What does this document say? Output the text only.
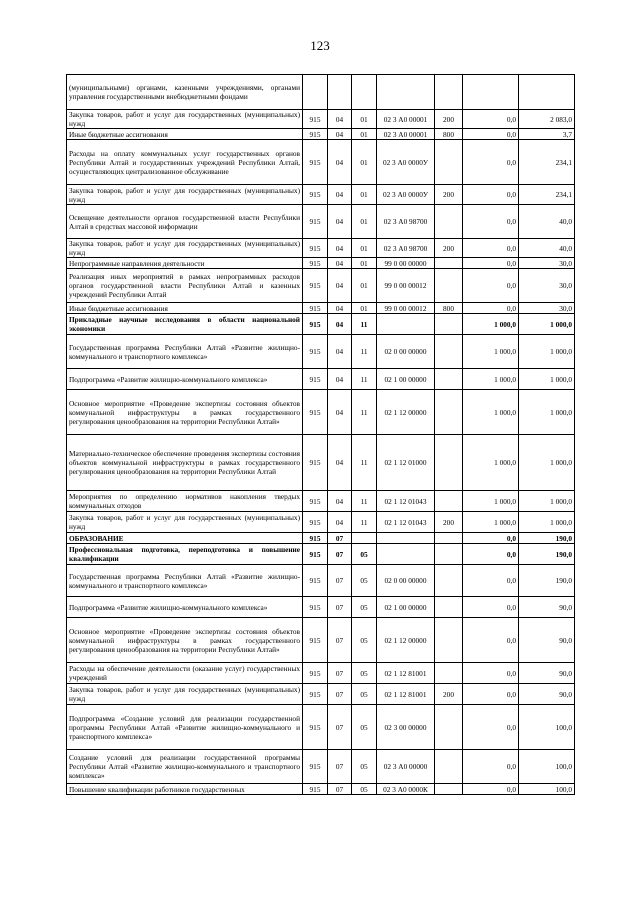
123
(муниципальными) органами, казенными учреждениями, органами управления государственными внебюджетными фондами							
Закупка товаров, работ и услуг для государственных (муниципальных) нужд	915	04	01	02 3 А0 00001	200	0,0	2 083,0
Иные бюджетные ассигнования	915	04	01	02 3 А0 00001	800	0,0	3,7
Расходы на оплату коммунальных услуг государственных органов Республики Алтай и государственных учреждений Республики Алтай, осуществляющих централизованное обслуживание	915	04	01	02 3 А0 0000У		0,0	234,1
Закупка товаров, работ и услуг для государственных (муниципальных) нужд	915	04	01	02 3 А0 0000У	200	0,0	234,1
Освещение деятельности органов государственной власти Республики Алтай в средствах массовой информации	915	04	01	02 3 А0 98700		0,0	40,0
Закупка товаров, работ и услуг для государственных (муниципальных) нужд	915	04	01	02 3 А0 98700	200	0,0	40,0
Непрограммные направления деятельности	915	04	01	99 0 00 00000		0,0	30,0
Реализация иных мероприятий в рамках непрограммных расходов органов государственной власти Республики Алтай и казенных учреждений Республики Алтай	915	04	01	99 0 00 00012		0,0	30,0
Иные бюджетные ассигнования	915	04	01	99 0 00 00012	800	0,0	30,0
Прикладные научные исследования в области национальной экономики	915	04	11			1 000,0	1 000,0
Государственная программа Республики Алтай «Развитие жилищно-коммунального и транспортного комплекса»	915	04	11	02 0 00 00000		1 000,0	1 000,0
Подпрограмма «Развитие жилищно-коммунального комплекса»	915	04	11	02 1 00 00000		1 000,0	1 000,0
Основное мероприятие «Проведение экспертизы состояния объектов коммунальной инфраструктуры в рамках государственного регулирования ценообразования на территории Республики Алтай»	915	04	11	02 1 12 00000		1 000,0	1 000,0
Материально-техническое обеспечение проведения экспертизы состояния объектов коммунальной инфраструктуры в рамках государственного регулирования ценообразования на территории Республики Алтай	915	04	11	02 1 12 01000		1 000,0	1 000,0
Мероприятия по определению нормативов накопления твердых коммунальных отходов	915	04	11	02 1 12 01043		1 000,0	1 000,0
Закупка товаров, работ и услуг для государственных (муниципальных) нужд	915	04	11	02 1 12 01043	200	1 000,0	1 000,0
ОБРАЗОВАНИЕ	915	07				0,0	190,0
Профессиональная подготовка, переподготовка и повышение квалификации	915	07	05			0,0	190,0
Государственная программа Республики Алтай «Развитие жилищно-коммунального и транспортного комплекса»	915	07	05	02 0 00 00000		0,0	190,0
Подпрограмма «Развитие жилищно-коммунального комплекса»	915	07	05	02 1 00 00000		0,0	90,0
Основное мероприятие «Проведение экспертизы состояния объектов коммунальной инфраструктуры в рамках государственного регулирования ценообразования на территории Республики Алтай»	915	07	05	02 1 12 00000		0,0	90,0
Расходы на обеспечение деятельности (оказание услуг) государственных учреждений	915	07	05	02 1 12 81001		0,0	90,0
Закупка товаров, работ и услуг для государственных (муниципальных) нужд	915	07	05	02 1 12 81001	200	0,0	90,0
Подпрограмма «Создание условий для реализации государственной программы Республики Алтай «Развитие жилищно-коммунального и транспортного комплекса»	915	07	05	02 3 00 00000		0,0	100,0
Создание условий для реализации государственной программы Республики Алтай «Развитие жилищно-коммунального и транспортного комплекса»	915	07	05	02 3 А0 00000		0,0	100,0
Повышение квалификации работников государственных	915	07	05	02 3 А0 0000К		0,0	100,0
